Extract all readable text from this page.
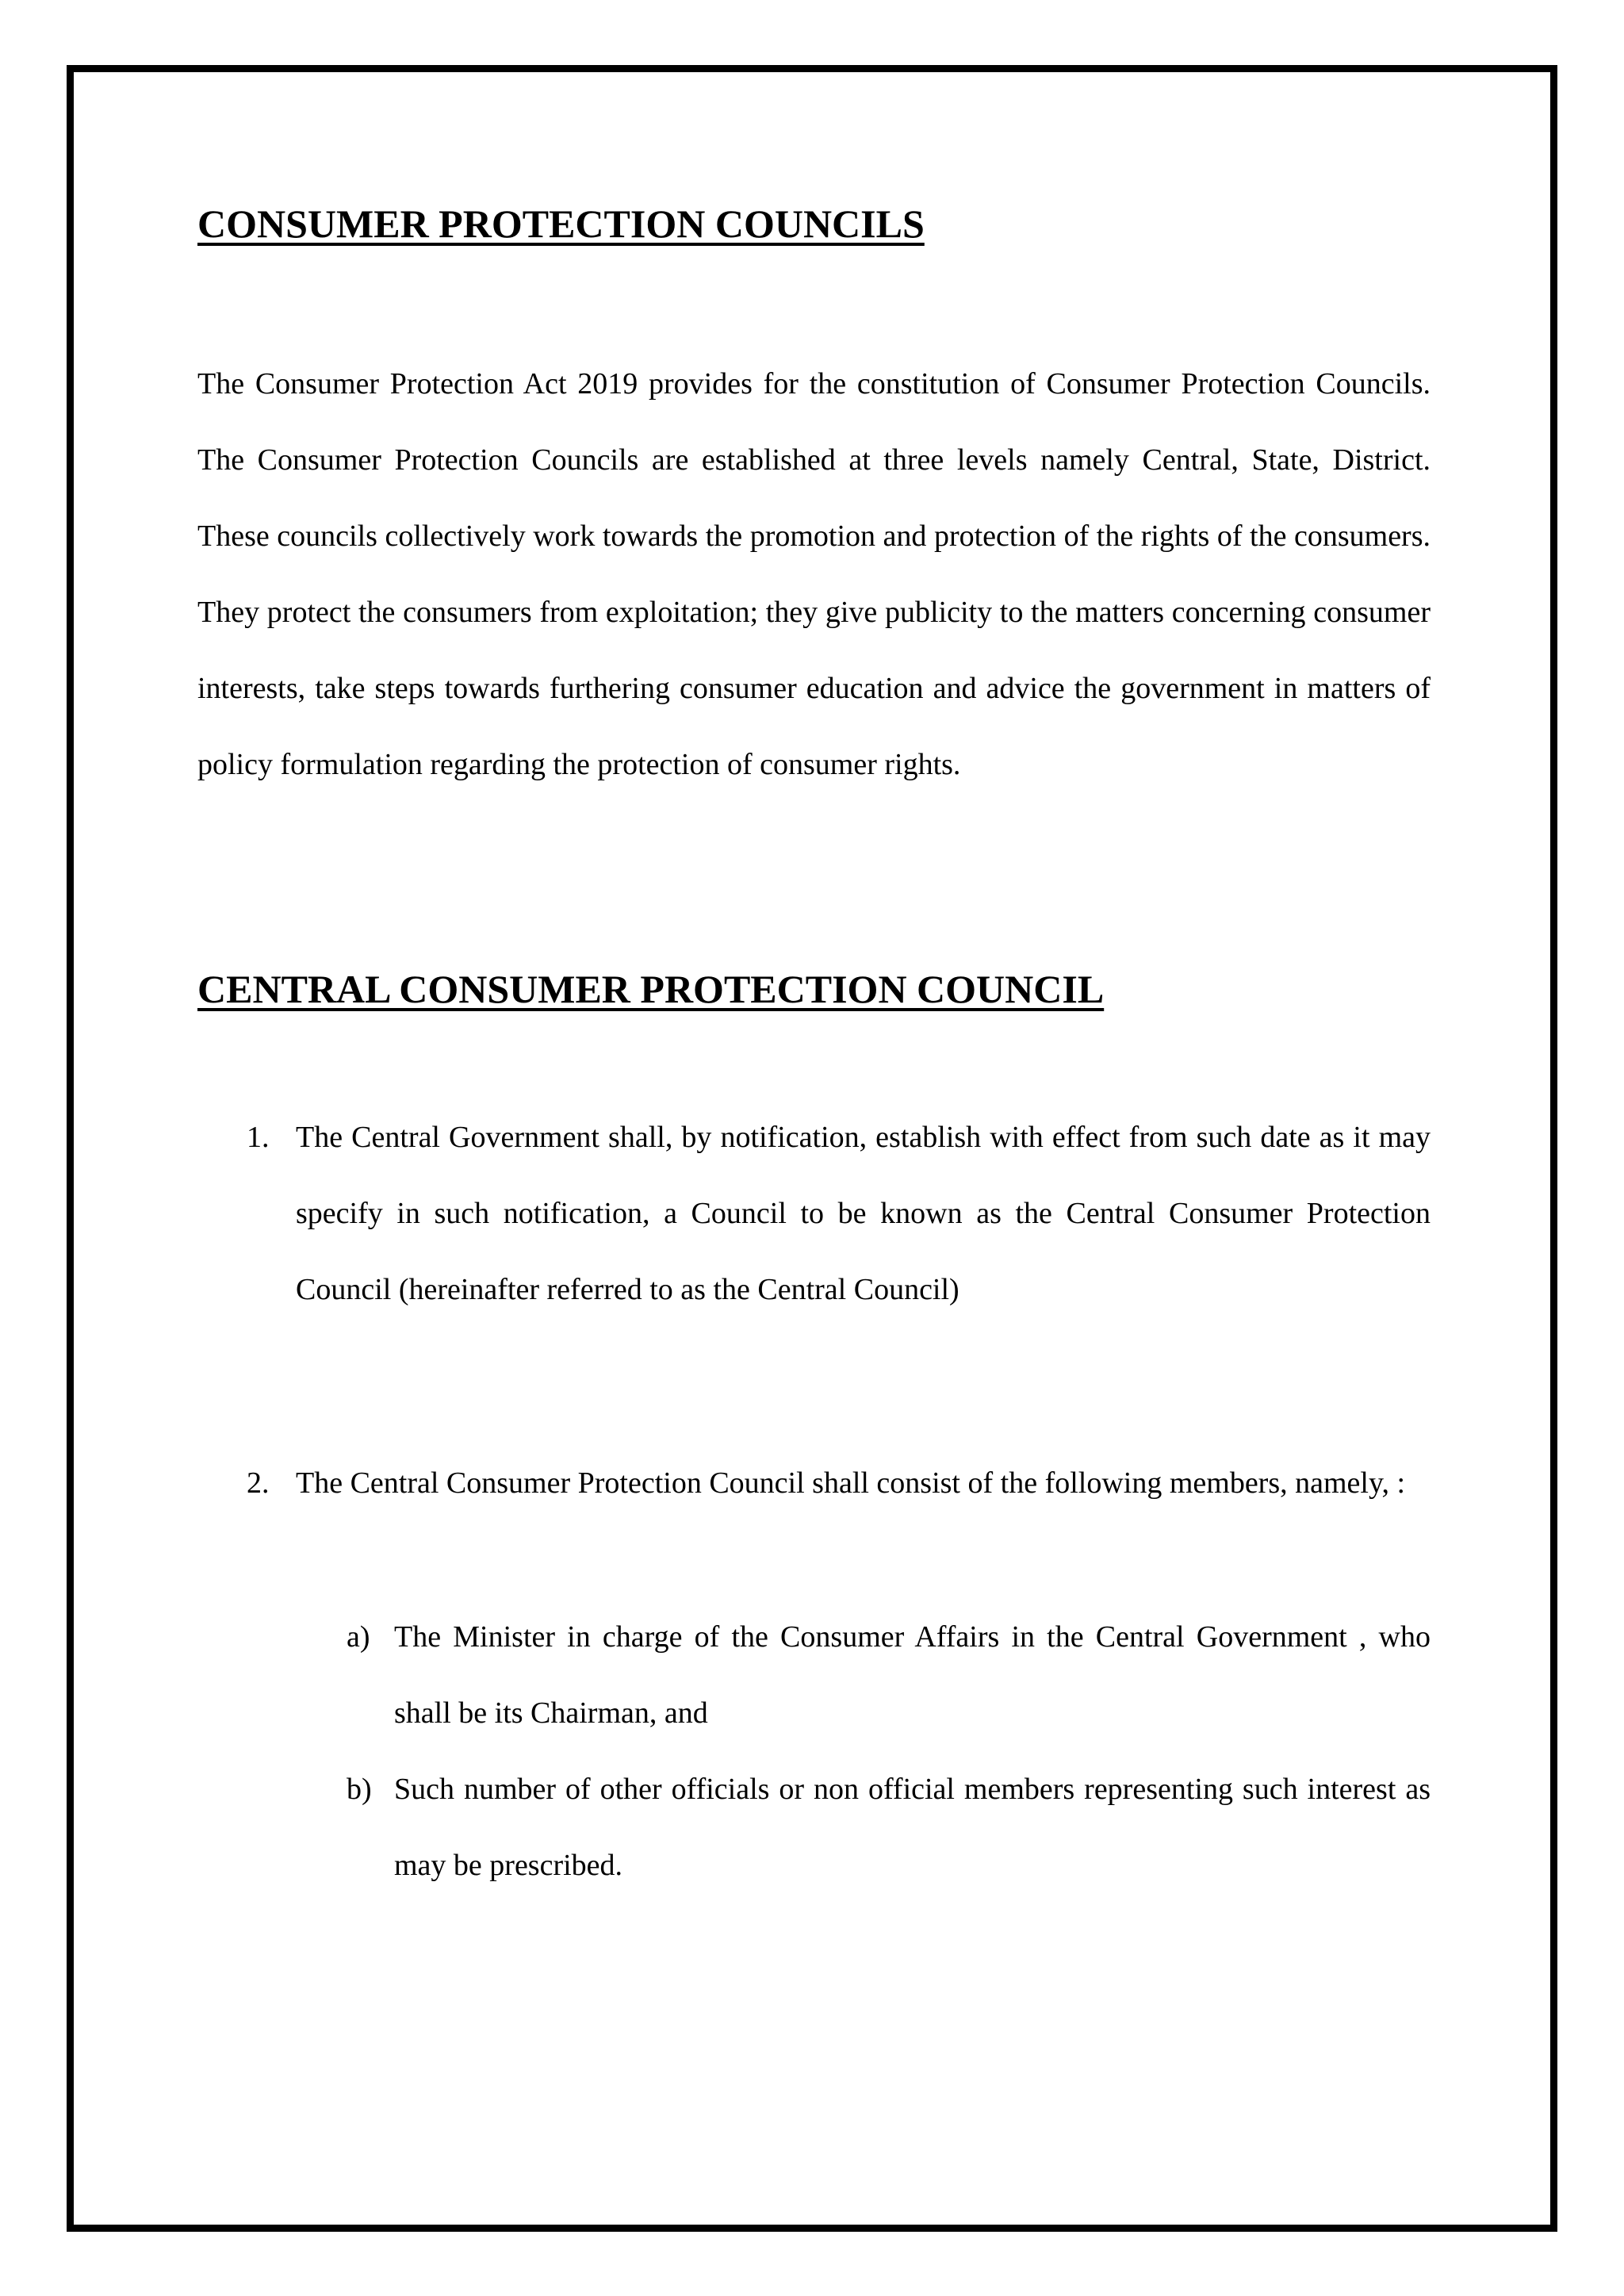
CONSUMER PROTECTION COUNCILS

The Consumer Protection Act 2019 provides for the constitution of Consumer Protection Councils. The Consumer Protection Councils are established at three levels namely Central, State, District. These councils collectively work towards the promotion and protection of the rights of the consumers. They protect the consumers from exploitation; they give publicity to the matters concerning consumer interests, take steps towards furthering consumer education and advice the government in matters of policy formulation regarding the protection of consumer rights.

CENTRAL CONSUMER PROTECTION COUNCIL
1. The Central Government shall, by notification, establish with effect from such date as it may specify in such notification, a Council to be known as the Central Consumer Protection Council (hereinafter referred to as the Central Council)
2. The Central Consumer Protection Council shall consist of the following members, namely, :
a) The Minister in charge of the Consumer Affairs in the Central Government , who shall be its Chairman, and
b) Such number of other officials or non official members representing such interest as may be prescribed.
